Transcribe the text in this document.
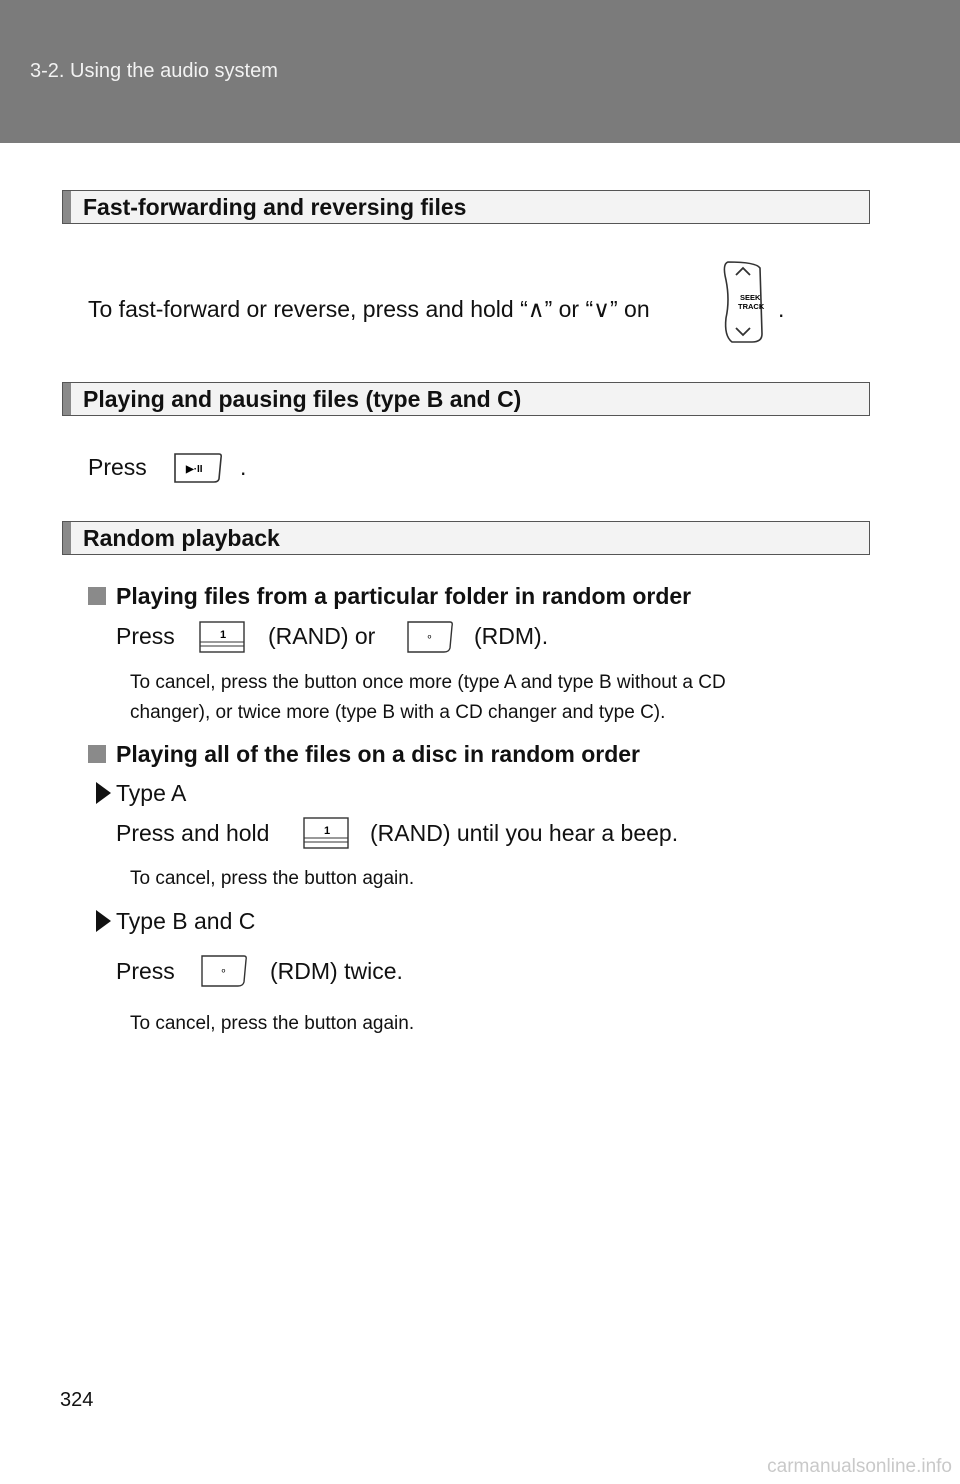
3-2. Using the audio system
Fast-forwarding and reversing files
To fast-forward or reverse, press and hold “∧” or “∨” on	SEEK
TRACK .
Playing and pausing files (type B and C)
Press	▶·II .
Random playback
Playing files from a particular folder in random order
Press	1 (RAND) or	∘ (RDM).
To cancel, press the button once more (type A and type B without a CD
changer), or twice more (type B with a CD changer and type C).
Playing all of the files on a disc in random order
Type A
Press and hold	1 (RAND) until you hear a beep.
To cancel, press the button again.
Type B and C
Press	∘ (RDM) twice.
To cancel, press the button again.
324
carmanualsonline.info
